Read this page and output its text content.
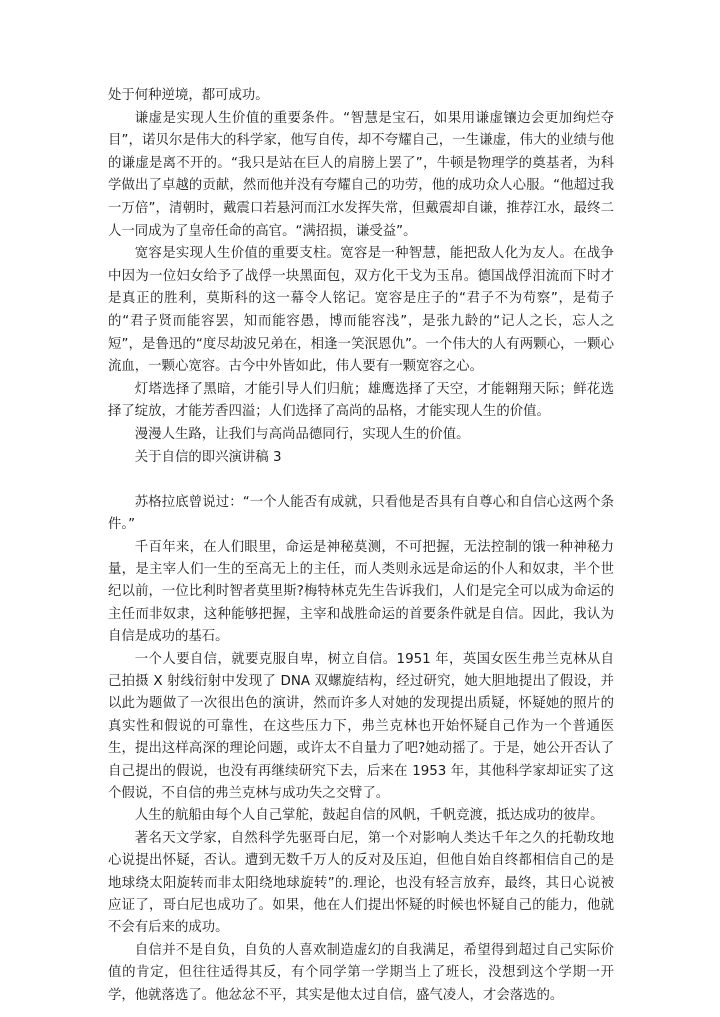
处于何种逆境，都可成功。

谦虚是实现人生价值的重要条件。“智慧是宝石，如果用谦虚镶边会更加绚烂夺目”，诺贝尔是伟大的科学家，他写自传，却不夸耀自己，一生谦虚，伟大的业绩与他的谦虚是离不开的。“我只是站在巨人的肩膀上罢了”，牛顿是物理学的奠基者，为科学做出了卓越的贡献，然而他并没有夸耀自己的功劳，他的成功众人心服。“他超过我一万倍”，清朝时，戴震口若悬河而江水发挥失常，但戴震却自谦，推荐江水，最终二人一同成为了皇帝任命的高官。“满招损，谦受益”。

宽容是实现人生价值的重要支柱。宽容是一种智慧，能把敌人化为友人。在战争中因为一位妇女给予了战俘一块黑面包，双方化干戈为玉帛。德国战俘泪流而下时才是真正的胜利，莫斯科的这一幕令人铭记。宽容是庄子的“君子不为苟察”，是荀子的“君子贤而能容罢，知而能容愚，博而能容浅”，是张九龄的“记人之长，忘人之短”，是鲁迅的“度尽劫波兄弟在，相逢一笑泯恩仇”。一个伟大的人有两颗心，一颗心流血，一颗心宽容。古今中外皆如此，伟人要有一颗宽容之心。

灯塔选择了黑暗，才能引导人们归航；雄鹰选择了天空，才能翱翔天际；鲜花选择了绽放，才能芳香四溢；人们选择了高尚的品格，才能实现人生的价值。

漫漫人生路，让我们与高尚品德同行，实现人生的价值。

关于自信的即兴演讲稿 3

苏格拉底曾说过：“一个人能否有成就，只看他是否具有自尊心和自信心这两个条件。”

千百年来，在人们眼里，命运是神秘莫测，不可把握，无法控制的饿一种神秘力量，是主宰人们一生的至高无上的主任，而人类则永远是命运的仆人和奴隶，半个世纪以前，一位比利时智者莫里斯?梅特林克先生告诉我们，人们是完全可以成为命运的主任而非奴隶，这种能够把握，主宰和战胜命运的首要条件就是自信。因此，我认为自信是成功的基石。

一个人要自信，就要克服自卑，树立自信。1951 年，英国女医生弗兰克林从自己拍摄 X 射线衍射中发现了 DNA 双螺旋结构，经过研究，她大胆地提出了假设，并以此为题做了一次很出色的演讲，然而许多人对她的发现提出质疑，怀疑她的照片的真实性和假说的可靠性，在这些压力下，弗兰克林也开始怀疑自己作为一个普通医生，提出这样高深的理论问题，或许太不自量力了吧?她动摇了。于是，她公开否认了自己提出的假说，也没有再继续研究下去，后来在 1953 年，其他科学家却证实了这个假说，不自信的弗兰克林与成功失之交臂了。

人生的航船由每个人自己掌舵，鼓起自信的风帆，千帆竞渡，抵达成功的彼岸。

著名天文学家，自然科学先驱哥白尼，第一个对影响人类达千年之久的托勒玫地心说提出怀疑，否认。遭到无数千万人的反对及压迫，但他自始自终都相信自己的是地球绕太阳旋转而非太阳绕地球旋转”的.理论，也没有轻言放弃，最终，其日心说被应证了，哥白尼也成功了。如果，他在人们提出怀疑的时候也怀疑自己的能力，他就不会有后来的成功。

自信并不是自负，自负的人喜欢制造虚幻的自我满足，希望得到超过自己实际价值的肯定，但往往适得其反，有个同学第一学期当上了班长，没想到这个学期一开学，他就落选了。他忿忿不平，其实是他太过自信，盛气凌人，才会落选的。
